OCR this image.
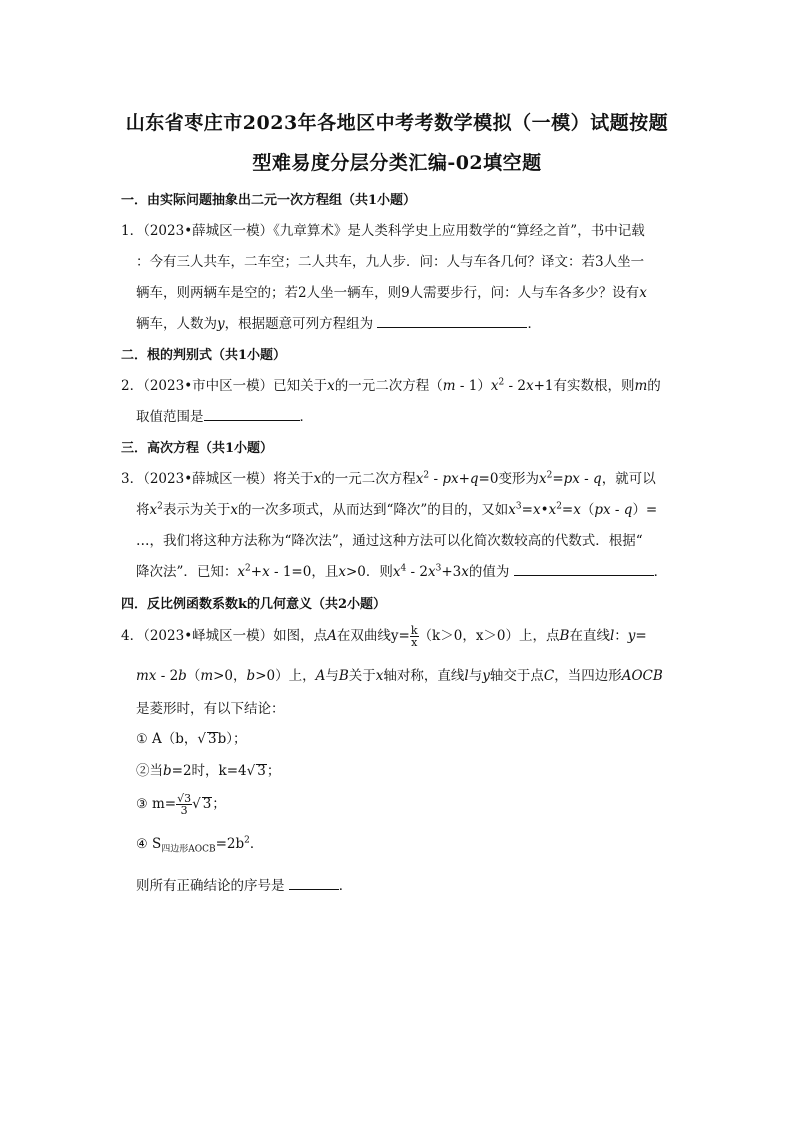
山东省枣庄市2023年各地区中考考数学模拟（一模）试题按题
型难易度分层分类汇编-02填空题
一．由实际问题抽象出二元一次方程组（共1小题）
1．（2023•薛城区一模）《九章算术》是人类科学史上应用数学的“算经之首”，书中记载
：今有三人共车，二车空；二人共车，九人步．问：人与车各几何？译文：若3人坐一
辆车，则两辆车是空的；若2人坐一辆车，则9人需要步行，问：人与车各多少？设有x
辆车，人数为y，根据题意可列方程组为	．
二．根的判别式（共1小题）
2．（2023•市中区一模）已知关于x的一元二次方程$(m - 1)x^2 - 2x+1$有实数根，则m的
取值范围是	．
三．高次方程（共1小题）
3．（2023•薛城区一模）将关于x的一元二次方程$x^2 - px+q=0$变形为$x^2=px - q$，就可以
将$x^2$表示为关于x的一次多项式，从而达到“降次”的目的，又如$x^3=x•x^2=x(px - q)=$
…，我们将这种方法称为“降次法”，通过这种方法可以化简次数较高的代数式．根据“
降次法”．已知：$x^2+x - 1=0$，且x>0．则$x^4 - 2x^3+3x$的值为	．
四．反比例函数系数k的几何意义（共2小题）
4．（2023•峄城区一模）如图，点A在双曲线$y= \frac{k}{x} (k>0$，x＞0）上，点B在直线l：y=
mx - 2b（m>0，b>0）上，A与B关于x轴对称，直线l与y轴交于点C，当四边形AOCB
是菱形时，有以下结论：
① A（b，√ 3b）；
②当b=2时，k=4√ 3；
③ $m= \frac{√3}{3}$ √ 3；
④ $S_{四边形AOCB}=2b^2$．
则所有正确结论的序号是	．
